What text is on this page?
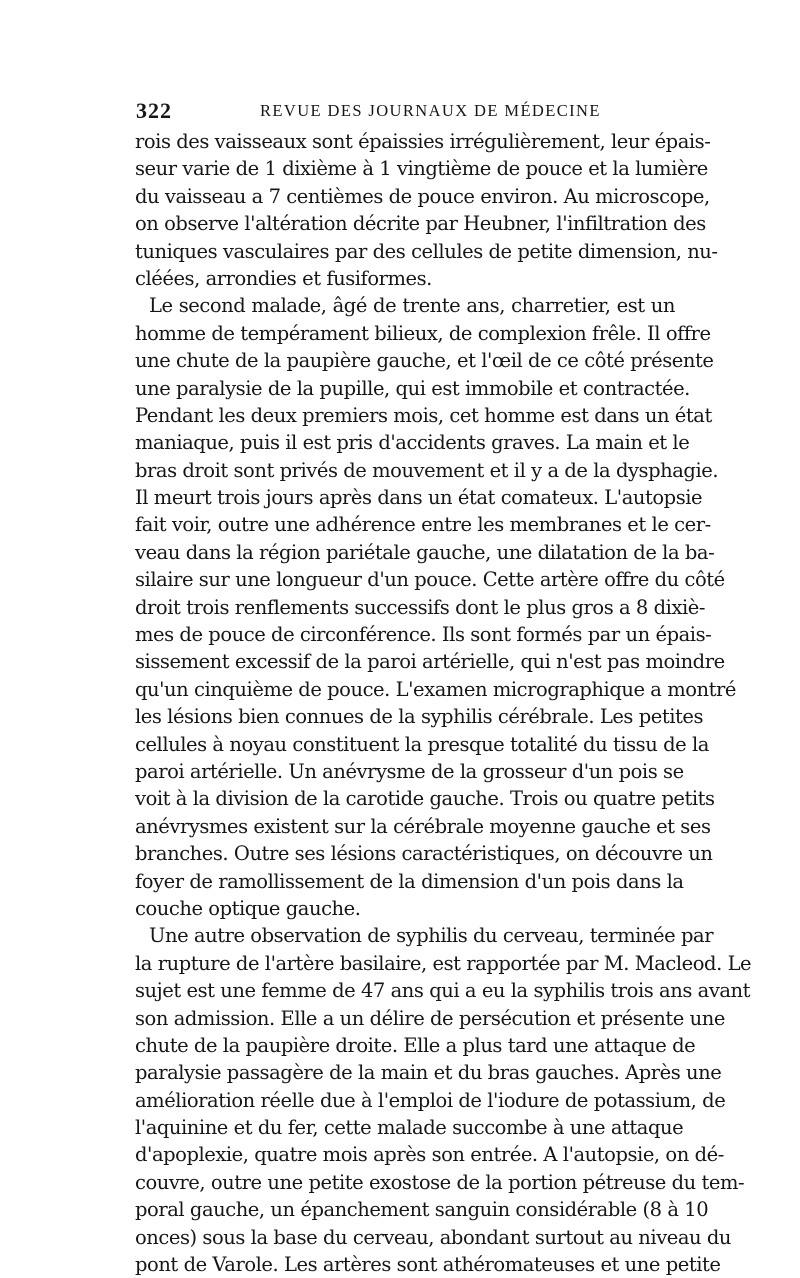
322	REVUE DES JOURNAUX DE MÉDECINE
rois des vaisseaux sont épaissies irrégulièrement, leur épais-
seur varie de 1 dixième à 1 vingtième de pouce et la lumière
du vaisseau a 7 centièmes de pouce environ. Au microscope,
on observe l'altération décrite par Heubner, l'infiltration des
tuniques vasculaires par des cellules de petite dimension, nu-
cléées, arrondies et fusiformes.
Le second malade, âgé de trente ans, charretier, est un
homme de tempérament bilieux, de complexion frêle. Il offre
une chute de la paupière gauche, et l'œil de ce côté présente
une paralysie de la pupille, qui est immobile et contractée.
Pendant les deux premiers mois, cet homme est dans un état
maniaque, puis il est pris d'accidents graves. La main et le
bras droit sont privés de mouvement et il y a de la dysphagie.
Il meurt trois jours après dans un état comateux. L'autopsie
fait voir, outre une adhérence entre les membranes et le cer-
veau dans la région pariétale gauche, une dilatation de la ba-
silaire sur une longueur d'un pouce. Cette artère offre du côté
droit trois renflements successifs dont le plus gros a 8 dixiè-
mes de pouce de circonférence. Ils sont formés par un épais-
sissement excessif de la paroi artérielle, qui n'est pas moindre
qu'un cinquième de pouce. L'examen micrographique a montré
les lésions bien connues de la syphilis cérébrale. Les petites
cellules à noyau constituent la presque totalité du tissu de la
paroi artérielle. Un anévrysme de la grosseur d'un pois se
voit à la division de la carotide gauche. Trois ou quatre petits
anévrysmes existent sur la cérébrale moyenne gauche et ses
branches. Outre ses lésions caractéristiques, on découvre un
foyer de ramollissement de la dimension d'un pois dans la
couche optique gauche.
Une autre observation de syphilis du cerveau, terminée par
la rupture de l'artère basilaire, est rapportée par M. Macleod. Le
sujet est une femme de 47 ans qui a eu la syphilis trois ans avant
son admission. Elle a un délire de persécution et présente une
chute de la paupière droite. Elle a plus tard une attaque de
paralysie passagère de la main et du bras gauches. Après une
amélioration réelle due à l'emploi de l'iodure de potassium, de
l'aquinine et du fer, cette malade succombe à une attaque
d'apoplexie, quatre mois après son entrée. A l'autopsie, on dé-
couvre, outre une petite exostose de la portion pétreuse du tem-
poral gauche, un épanchement sanguin considérable (8 à 10
onces) sous la base du cerveau, abondant surtout au niveau du
pont de Varole. Les artères sont athéromateuses et une petite
